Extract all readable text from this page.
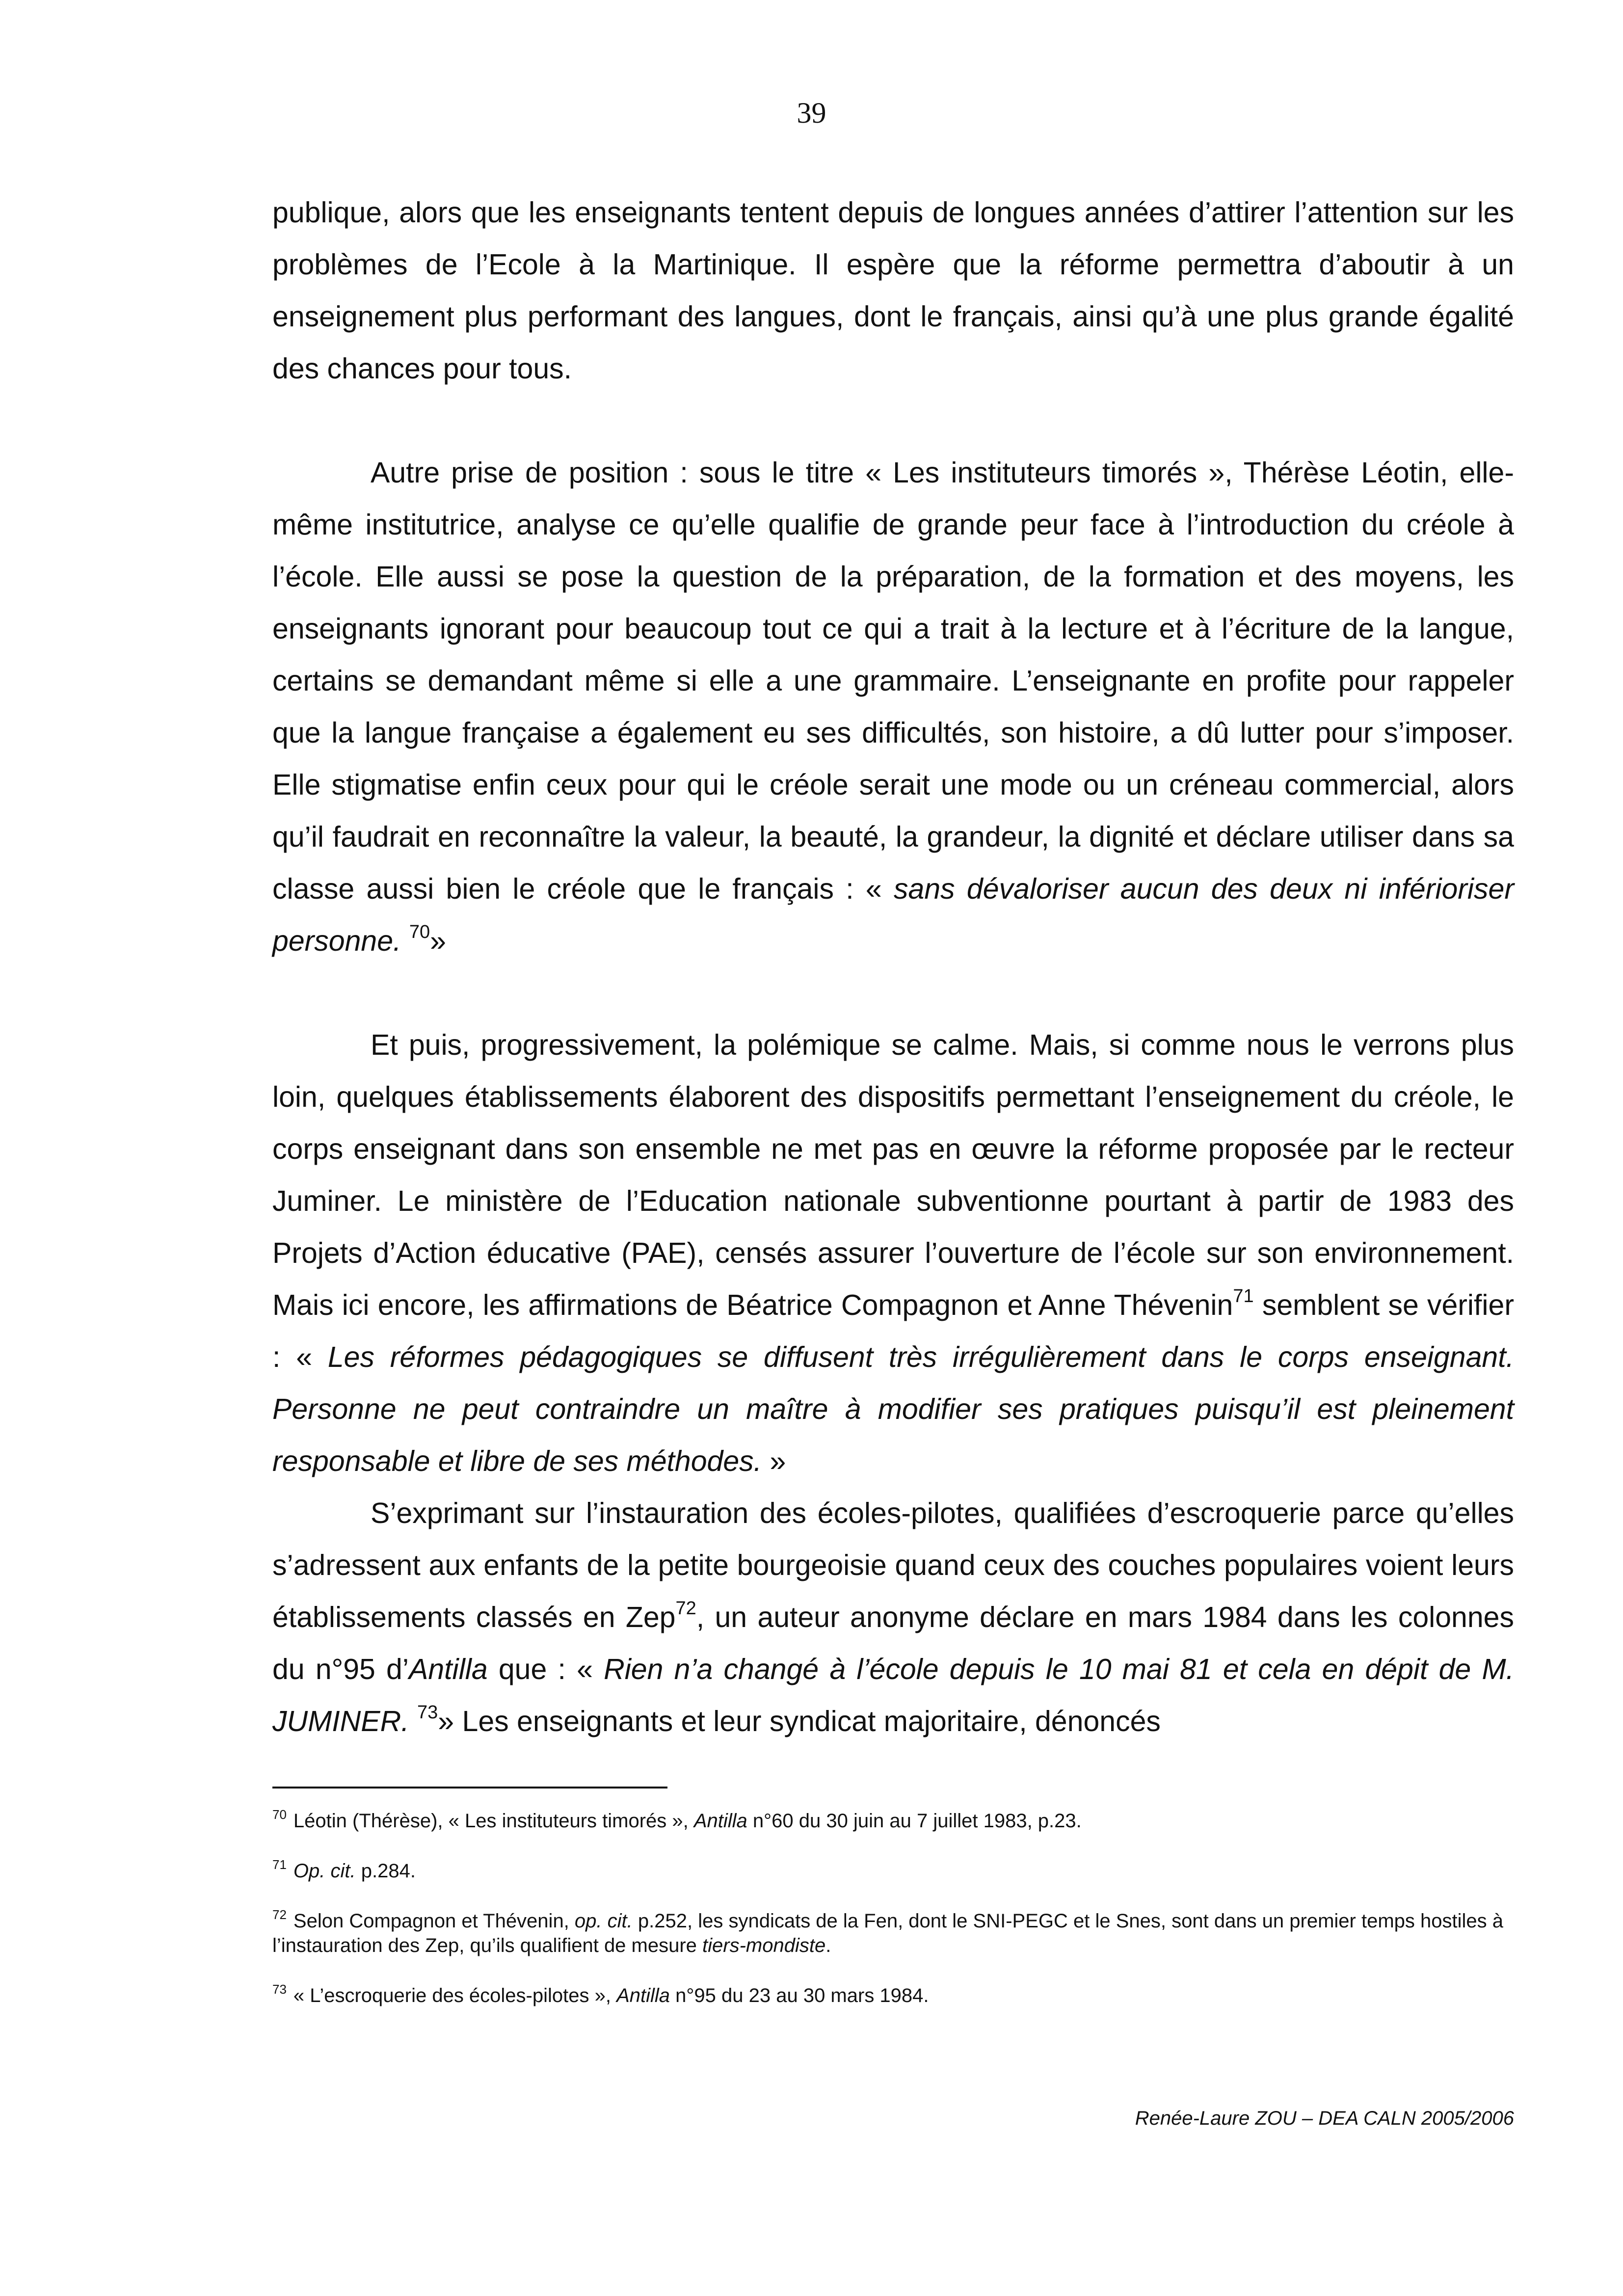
39

publique, alors que les enseignants tentent depuis de longues années d’attirer l’attention sur les problèmes de l’Ecole à la Martinique. Il espère que la réforme permettra d’aboutir à un enseignement plus performant des langues, dont le français, ainsi qu’à une plus grande égalité des chances pour tous.

Autre prise de position : sous le titre « Les instituteurs timorés », Thérèse Léotin, elle-même institutrice, analyse ce qu’elle qualifie de grande peur face à l’introduction du créole à l’école. Elle aussi se pose la question de la préparation, de la formation et des moyens, les enseignants ignorant pour beaucoup tout ce qui a trait à la lecture et à l’écriture de la langue, certains se demandant même si elle a une grammaire. L’enseignante en profite pour rappeler que la langue française a également eu ses difficultés, son histoire, a dû lutter pour s’imposer. Elle stigmatise enfin ceux pour qui le créole serait une mode ou un créneau commercial, alors qu’il faudrait en reconnaître la valeur, la beauté, la grandeur, la dignité et déclare utiliser dans sa classe aussi bien le créole que le français : « sans dévaloriser aucun des deux ni inférioriser personne. $^{70}$»

Et puis, progressivement, la polémique se calme. Mais, si comme nous le verrons plus loin, quelques établissements élaborent des dispositifs permettant l’enseignement du créole, le corps enseignant dans son ensemble ne met pas en œuvre la réforme proposée par le recteur Juminer. Le ministère de l’Education nationale subventionne pourtant à partir de 1983 des Projets d’Action éducative (PAE), censés assurer l’ouverture de l’école sur son environnement. Mais ici encore, les affirmations de Béatrice Compagnon et Anne Thévenin$^{71}$ semblent se vérifier : « Les réformes pédagogiques se diffusent très irrégulièrement dans le corps enseignant. Personne ne peut contraindre un maître à modifier ses pratiques puisqu’il est pleinement responsable et libre de ses méthodes. »

S’exprimant sur l’instauration des écoles-pilotes, qualifiées d’escroquerie parce qu’elles s’adressent aux enfants de la petite bourgeoisie quand ceux des couches populaires voient leurs établissements classés en Zep$^{72}$, un auteur anonyme déclare en mars 1984 dans les colonnes du n°95 d’Antilla que : « Rien n’a changé à l’école depuis le 10 mai 81 et cela en dépit de M. JUMINER. $^{73}$» Les enseignants et leur syndicat majoritaire, dénoncés

$^{70}$ Léotin (Thérèse), « Les instituteurs timorés », Antilla n°60 du 30 juin au 7 juillet 1983, p.23.

$^{71}$ Op. cit. p.284.

$^{72}$ Selon Compagnon et Thévenin, op. cit. p.252, les syndicats de la Fen, dont le SNI-PEGC et le Snes, sont dans un premier temps hostiles à l’instauration des Zep, qu’ils qualifient de mesure tiers-mondiste.

$^{73}$ « L’escroquerie des écoles-pilotes », Antilla n°95 du 23 au 30 mars 1984.

Renée-Laure ZOU – DEA CALN 2005/2006
